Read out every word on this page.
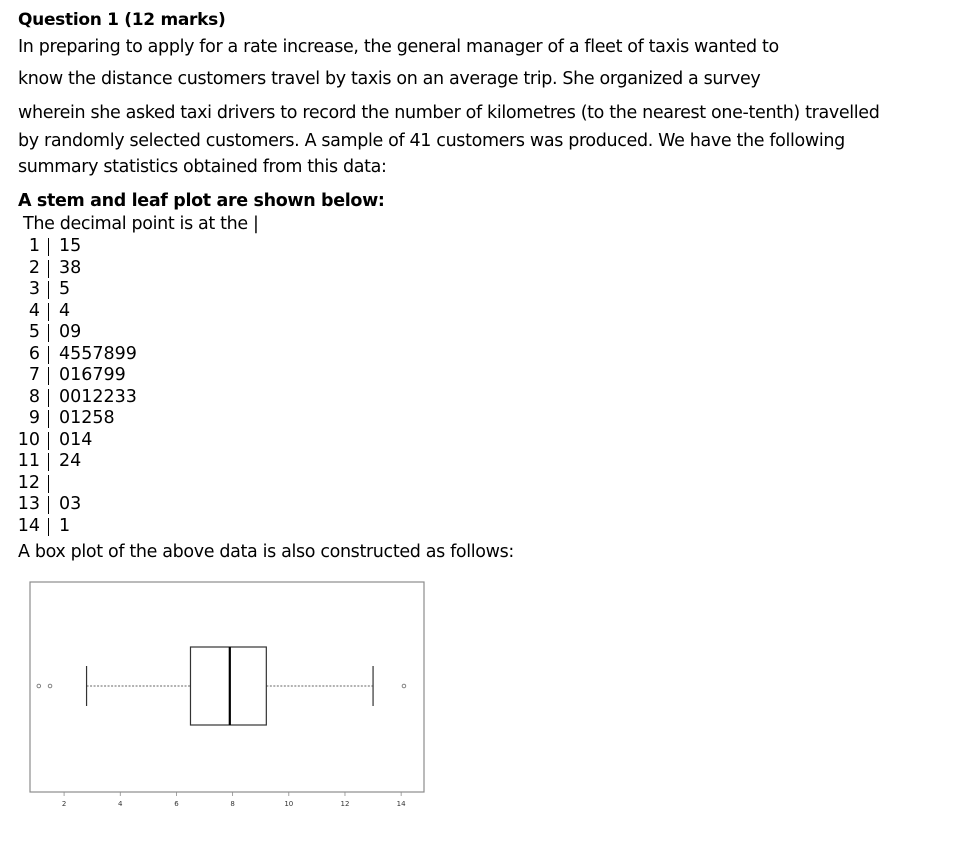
Question 1 (12 marks)
In preparing to apply for a rate increase, the general manager of a fleet of taxis wanted to
know the distance customers travel by taxis on an average trip. She organized a survey
wherein she asked taxi drivers to record the number of kilometres (to the nearest one-tenth) travelled
by randomly selected customers. A sample of 41 customers was produced. We have the following
summary statistics obtained from this data:
A stem and leaf plot are shown below:
The decimal point is at the |
1 15
2 38
3 5
4 4
5 09
6 4557899
7 016799
8 0012233
9 01258
10 014
11 24
12
13 03
14 1
A box plot of the above data is also constructed as follows:
2	4	6	8	10	12	14
